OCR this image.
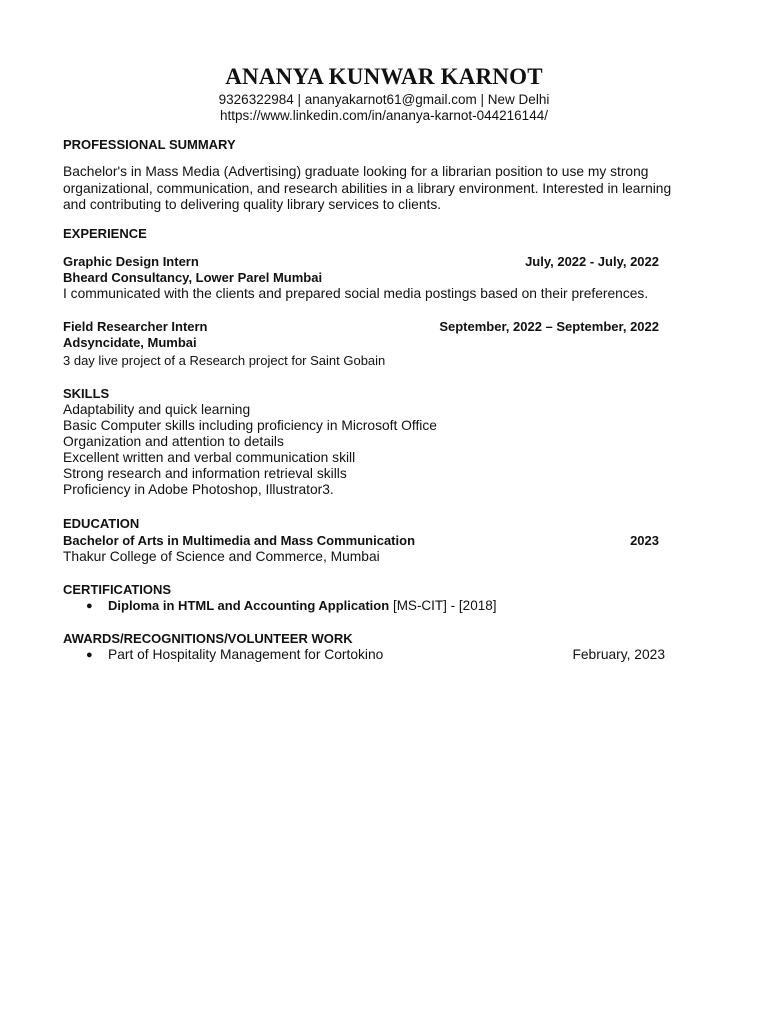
ANANYA KUNWAR KARNOT
9326322984 | ananyakarnot61@gmail.com | New Delhi
https://www.linkedin.com/in/ananya-karnot-044216144/
PROFESSIONAL SUMMARY
Bachelor's in Mass Media (Advertising) graduate looking for a librarian position to use my strong organizational, communication, and research abilities in a library environment. Interested in learning and contributing to delivering quality library services to clients.
EXPERIENCE
Graphic Design Intern	July, 2022 - July, 2022
Bheard Consultancy, Lower Parel Mumbai
I communicated with the clients and prepared social media postings based on their preferences.
Field Researcher Intern	September, 2022 – September, 2022
Adsyncidate, Mumbai
3 day live project of a Research project for Saint Gobain
SKILLS
Adaptability and quick learning
Basic Computer skills including proficiency in Microsoft Office
Organization and attention to details
Excellent written and verbal communication skill
Strong research and information retrieval skills
Proficiency in Adobe Photoshop, Illustrator3.
EDUCATION
Bachelor of Arts in Multimedia and Mass Communication	2023
Thakur College of Science and Commerce, Mumbai
CERTIFICATIONS
● Diploma in HTML and Accounting Application [MS-CIT] - [2018]
AWARDS/RECOGNITIONS/VOLUNTEER WORK
● Part of Hospitality Management for Cortokino	February, 2023
